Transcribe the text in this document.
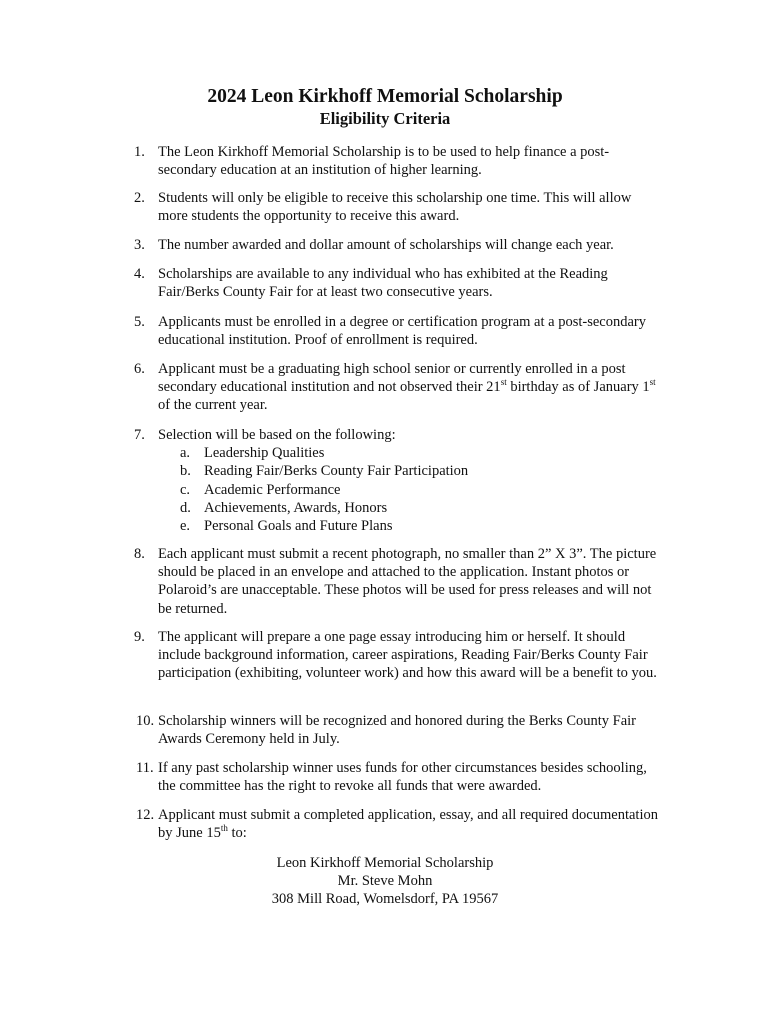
2024 Leon Kirkhoff Memorial Scholarship
Eligibility Criteria
1. The Leon Kirkhoff Memorial Scholarship is to be used to help finance a post-secondary education at an institution of higher learning.
2. Students will only be eligible to receive this scholarship one time. This will allow more students the opportunity to receive this award.
3. The number awarded and dollar amount of scholarships will change each year.
4. Scholarships are available to any individual who has exhibited at the Reading Fair/Berks County Fair for at least two consecutive years.
5. Applicants must be enrolled in a degree or certification program at a post-secondary educational institution. Proof of enrollment is required.
6. Applicant must be a graduating high school senior or currently enrolled in a post secondary educational institution and not observed their 21st birthday as of January 1st of the current year.
7. Selection will be based on the following:
a. Leadership Qualities
b. Reading Fair/Berks County Fair Participation
c. Academic Performance
d. Achievements, Awards, Honors
e. Personal Goals and Future Plans
8. Each applicant must submit a recent photograph, no smaller than 2” X 3”. The picture should be placed in an envelope and attached to the application. Instant photos or Polaroid’s are unacceptable. These photos will be used for press releases and will not be returned.
9. The applicant will prepare a one page essay introducing him or herself. It should include background information, career aspirations, Reading Fair/Berks County Fair participation (exhibiting, volunteer work) and how this award will be a benefit to you.
10. Scholarship winners will be recognized and honored during the Berks County Fair Awards Ceremony held in July.
11. If any past scholarship winner uses funds for other circumstances besides schooling, the committee has the right to revoke all funds that were awarded.
12. Applicant must submit a completed application, essay, and all required documentation by June 15th to:
Leon Kirkhoff Memorial Scholarship
Mr. Steve Mohn
308 Mill Road, Womelsdorf, PA 19567
